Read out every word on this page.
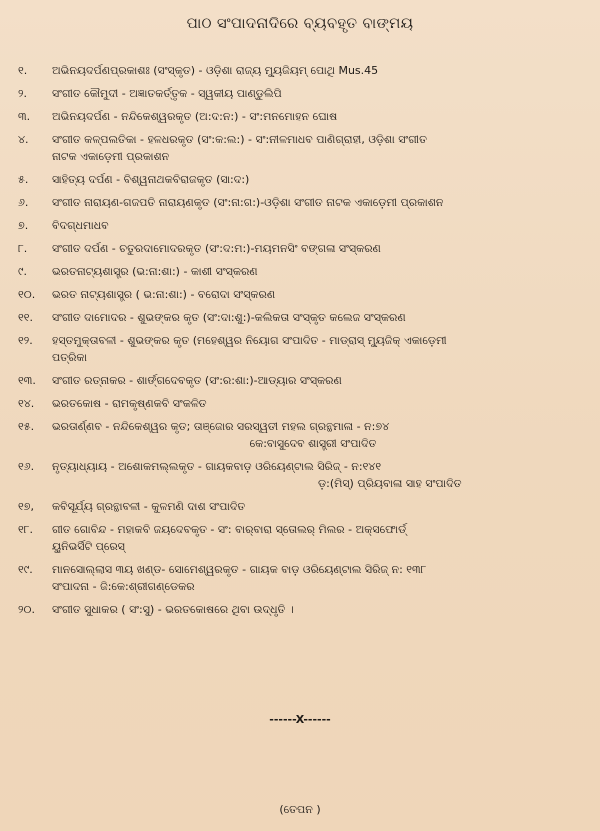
ପାଠ ସଂପାଦନାଦିରେ ବ୍ୟବହୃତ ବାଙ୍ମୟ
୧.	ଅଭିନୟଦର୍ପଣପ୍ରକାଶଃ (ସଂସ୍କୃତ) - ଓଡ଼ିଶା ରାଜ୍ୟ ମ୍ୟୁଜିୟମ୍ ପୋଥି Mus.45
୨.	ସଂଗୀତ କୌମୁଦୀ - ଅଜ୍ଞାତକର୍ତ୍ତୃକ - ସ୍ୱକୀୟ ପାଣ୍ଡୁଲିପି
୩.	ଅଭିନୟଦର୍ପଣ - ନନ୍ଦିକେଶ୍ୱରକୃତ (ଅ:ଦ:ନ:) - ସଂ:ମନମୋହନ ଘୋଷ
୪.	ସଂଗୀତ କଳ୍ପଲତିକା - ହଳଧରକୃତ (ସଂ:କ:ଲ:) - ସଂ:ନୀଳମାଧବ ପାଣିଗ୍ରାହୀ, ଓଡ଼ିଶା ସଂଗୀତ
ନାଟକ ଏକାଡ଼େମୀ ପ୍ରକାଶନ
୫.	ସାହିତ୍ୟ ଦର୍ପଣ - ବିଶ୍ୱନାଥକବିରାଜକୃତ (ସା:ଦ:)
୬.	ସଂଗୀତ ନାରାୟଣ-ଗଜପତି ନାରାୟଣକୃତ (ସଂ:ନା:ଗ:)-ଓଡ଼ିଶା ସଂଗୀତ ନାଟକ ଏକାଡ଼େମୀ ପ୍ରକାଶନ
୭.	ବିଦଗ୍ଧମାଧବ
୮.	ସଂଗୀତ ଦର୍ପଣ - ଚତୁରଦାମୋଦରକୃତ (ସଂ:ଦ:ମ:)-ମୟମନସିଂ ବଙ୍ଗଳା ସଂସ୍କରଣ
୯.	ଭରତନାଟ୍ୟଶାସ୍ତ୍ର (ଭ:ନା:ଶା:) - କାଶୀ ସଂସ୍କରଣ
୧୦.	ଭରତ ନାଟ୍ୟଶାସ୍ତ୍ର ( ଭ:ନା:ଶା:) - ବରୋଦା ସଂସ୍କରଣ
୧୧.	ସଂଗୀତ ଦାମୋଦର - ଶୁଭଙ୍କର କୃତ (ସଂ:ଦା:ଶୁ:)-କଲିକତା ସଂସ୍କୃତ କଲେଜ ସଂସ୍କରଣ
୧୨.	ହସ୍ତମୁକ୍ତାବଳୀ - ଶୁଭଙ୍କର କୃତ (ମହେଶ୍ୱର ନିୟୋଗ ସଂପାଦିତ - ମାଡ୍ରାସ୍ ମ୍ୟୁଜିକ୍ ଏକାଡ଼େମୀ
ପତ୍ରିକା
୧୩.	ସଂଗୀତ ରତ୍ନାକର - ଶାର୍ଙ୍ଗଦେବକୃତ (ସଂ:ର:ଶା:)-ଆଡ୍ୟାର ସଂସ୍କରଣ
୧୪.	ଭରତକୋଷ - ରାମକୃଷ୍ଣକବି ସଂକଳିତ
୧୫.	ଭରତାର୍ଣ୍ଣବ - ନନ୍ଦିକେଶ୍ୱର କୃତ; ତାଞ୍ଜୋର ସରସ୍ୱତୀ ମହଲ ଗ୍ରନ୍ଥମାଳା - ନ:୭୪
କେ:ବାସୁଦେବ ଶାସ୍ତ୍ରୀ ସଂପାଦିତ
୧୬.	ନୃତ୍ୟାଧ୍ୟାୟ - ଅଶୋକମଲ୍ଲକୃତ - ଗାୟକବାଡ଼ ଓରିୟେଣ୍ଟାଲ ସିରିଜ୍ - ନ:୧୪୧
ଡ଼:(ମିସ୍) ପ୍ରିୟବାଳା ସାହ ସଂପାଦିତ
୧୭,	କବିସୂର୍ଯ୍ୟ ଗ୍ରନ୍ଥାବଳୀ - କୁଳମଣି ଦାଶ ସଂପାଦିତ
୧୮.	ଗୀତ ଗୋବିନ୍ଦ - ମହାକବି ଜୟଦେବକୃତ - ସଂ: ବାର୍‌ବାରା ସ୍ତୋଲର୍ ମିଲର - ଅକ୍ସଫୋର୍ଡ୍
ୟୁନିଭର୍ସିଟି ପ୍ରେସ୍
୧୯.	ମାନସୋଲ୍ଲାସ ୩ୟ ଖଣ୍ଡ- ସୋମେଶ୍ୱରକୃତ - ଗାୟକ ବାଡ଼ ଓରିୟେଣ୍ଟାଲ ସିରିଜ୍ ନ: ୧୩୮
ସଂପାଦନା - ଜି:କେ:ଶ୍ରୀଗଣ୍ଡେକର
୨୦.	ସଂଗୀତ ସୁଧାକର ( ସଂ:ସୁ) - ଭରତକୋଷରେ ଥିବା ଉଦ୍ଧୃତି ।
------X------
(ତେପନ )
